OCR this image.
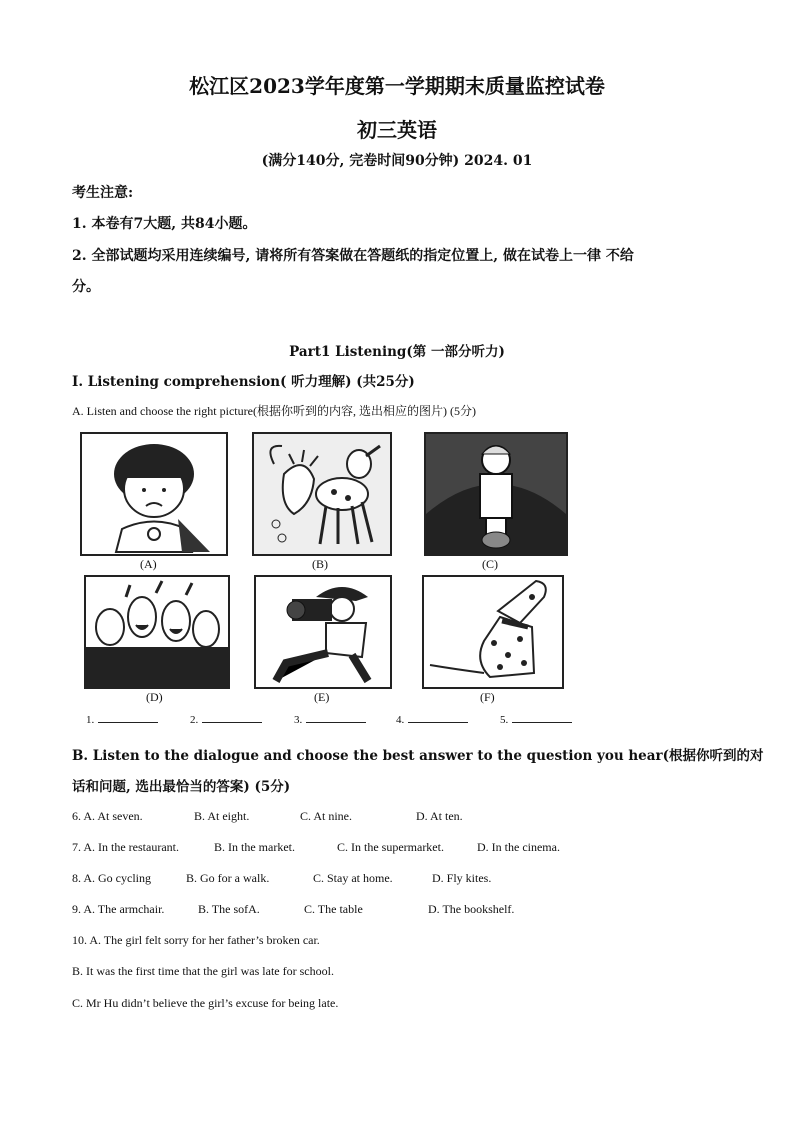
松江区2023学年度第一学期期末质量监控试卷
初三英语
(满分140分, 完卷时间90分钟) 2024. 01
考生注意:
1. 本卷有7大题, 共84小题。
2. 全部试题均采用连续编号, 请将所有答案做在答题纸的指定位置上, 做在试卷上一律 不给
分。
Part1 Listening(第 一部分听力)
I. Listening comprehension( 听力理解) (共25分)
A. Listen and choose the right picture(根据你听到的内容, 选出相应的图片) (5分)
(A)	(B)	(C)
(D)	(E)	(F)
1.	2.	3.	4.	5.
B. Listen to the dialogue and choose the best answer to the question you hear(根据你听到的对
话和问题, 选出最恰当的答案) (5分)
6. A. At seven.	B. At eight.	C. At nine.	D. At ten.
7. A. In the restaurant.	B. In the market.	C. In the supermarket.	D. In the cinema.
8. A. Go cycling	B. Go for a walk.	C. Stay at home.	D. Fly kites.
9. A. The armchair.	B. The sofA.	C. The table	D. The bookshelf.
10. A. The girl felt sorry for her father’s broken car.
B. It was the first time that the girl was late for school.
C. Mr Hu didn’t believe the girl’s excuse for being late.
